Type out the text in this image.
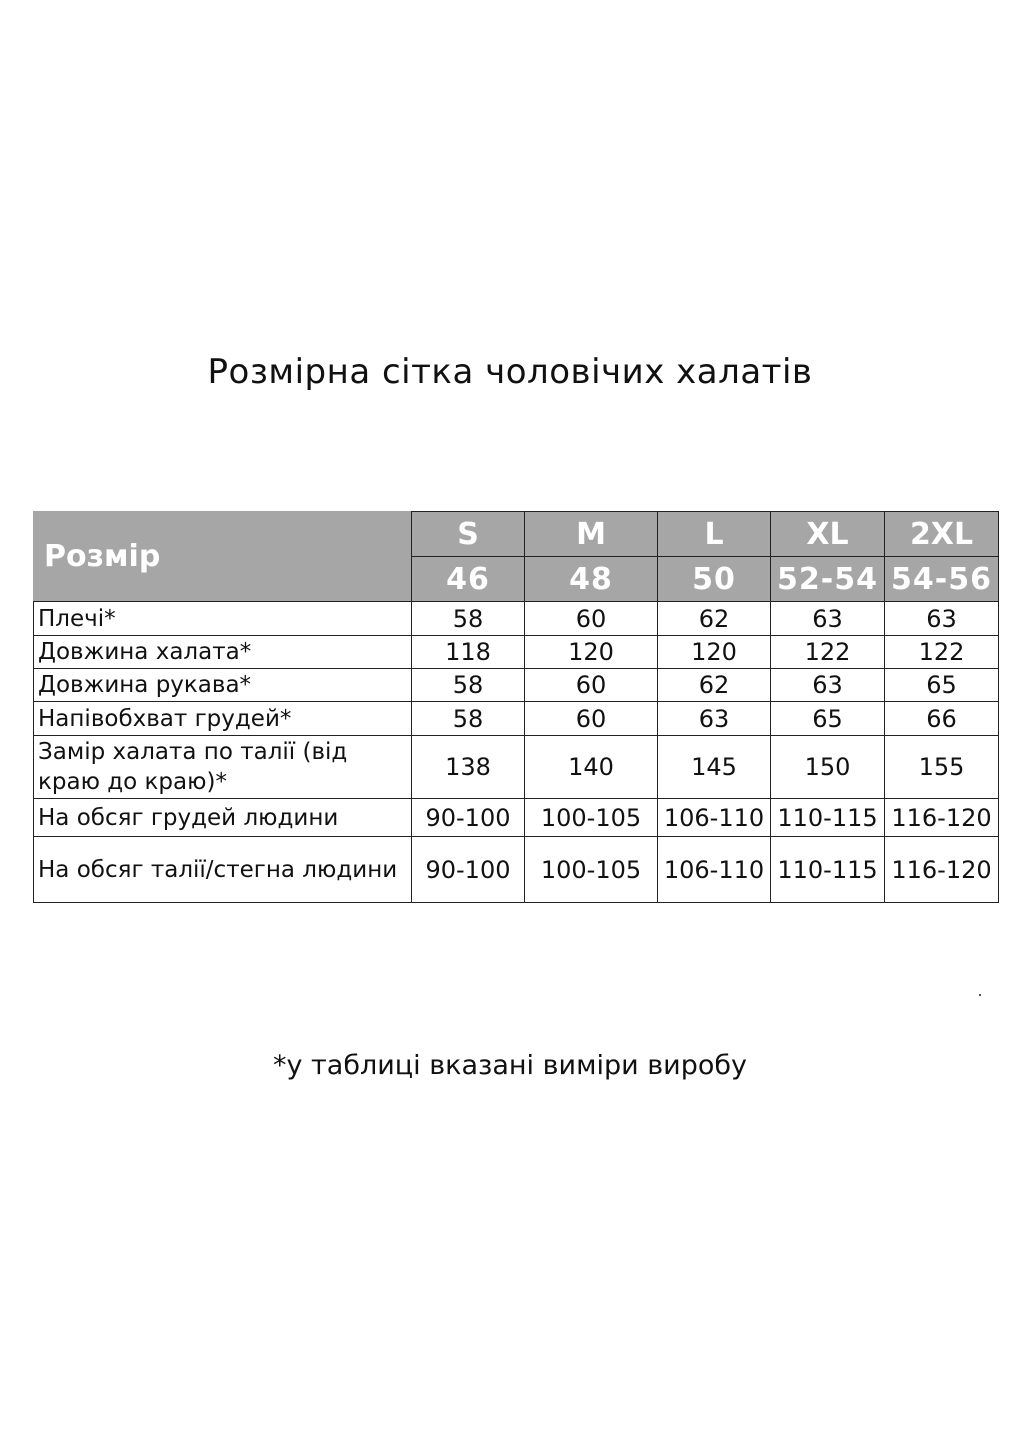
Розмірна сітка чоловічих халатів
Розмір	S	M	L	XL	2XL
	46	48	50	52-54	54-56
Плечі*	58	60	62	63	63
Довжина халата*	118	120	120	122	122
Довжина рукава*	58	60	62	63	65
Напівобхват грудей*	58	60	63	65	66
Замір халата по талії (від краю до краю)*	138	140	145	150	155
На обсяг грудей людини	90-100	100-105	106-110	110-115	116-120
На обсяг талії/стегна людини	90-100	100-105	106-110	110-115	116-120
*у таблиці вказані виміри виробу
